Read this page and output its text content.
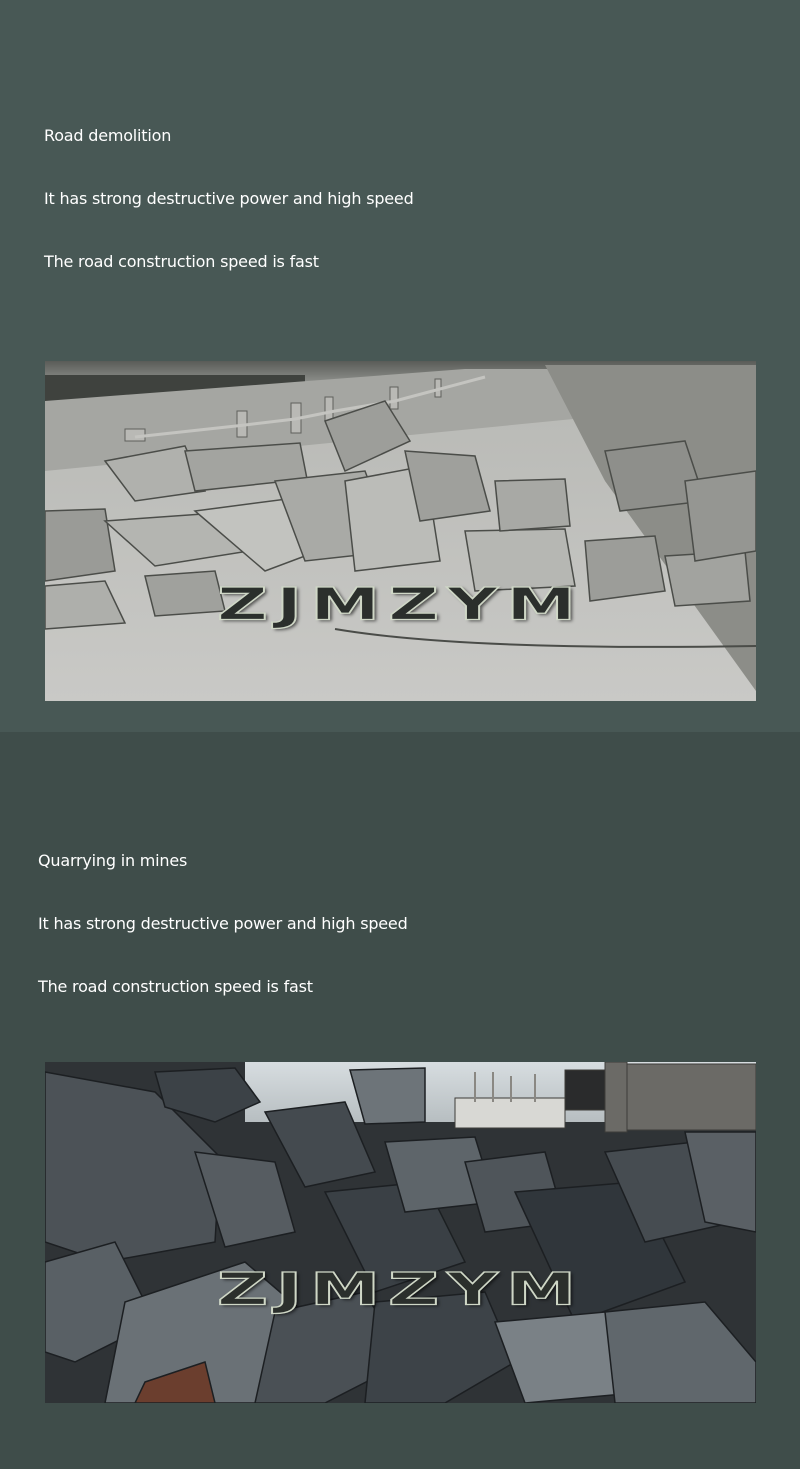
Road demolition
It has strong destructive power and high speed
The road construction speed is fast
ZJMZYM
Quarrying in mines
It has strong destructive power and high speed
The road construction speed is fast
ZJMZYM
